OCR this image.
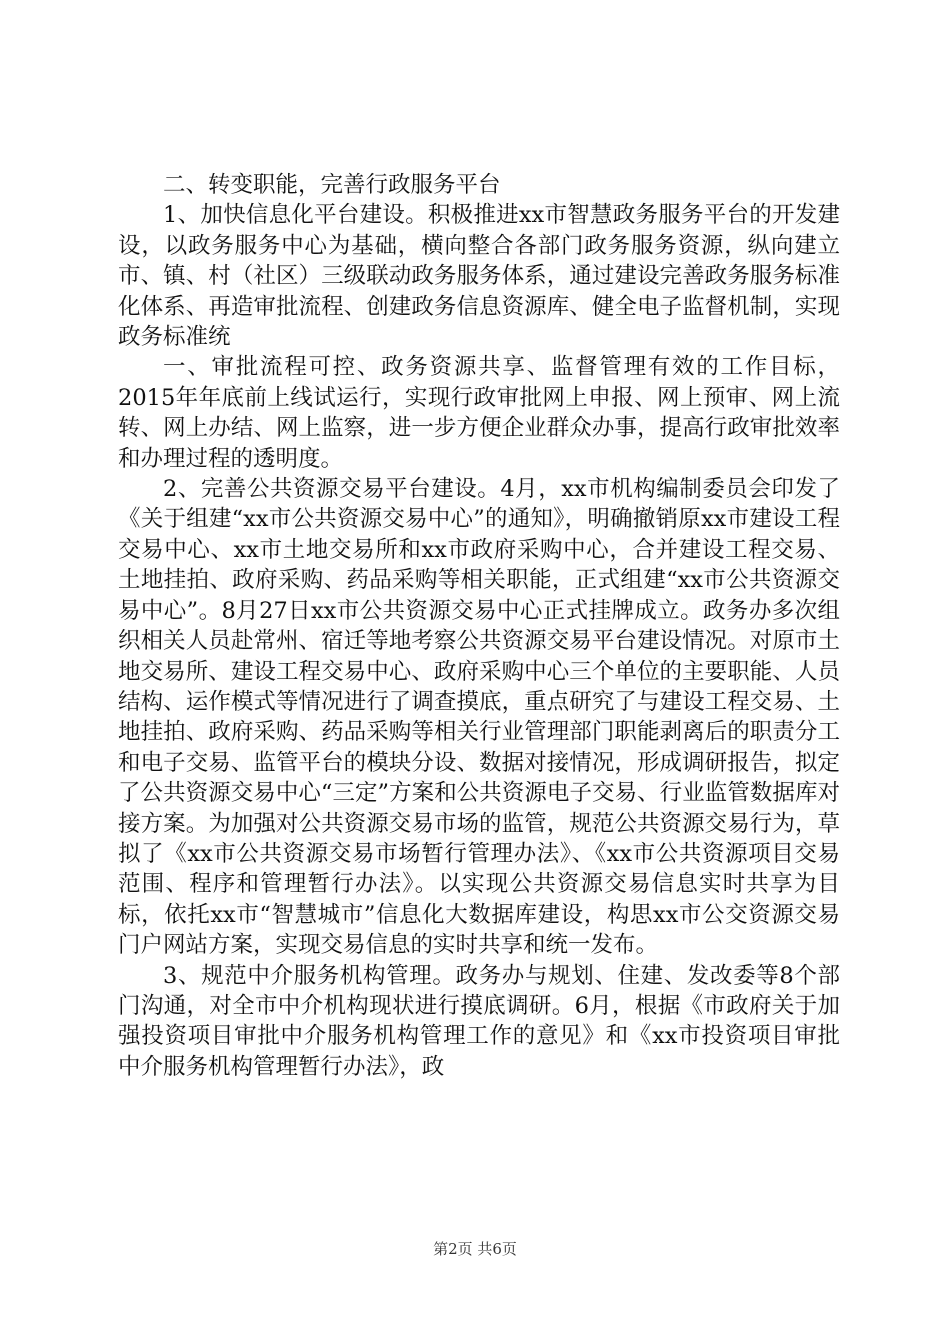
二、转变职能，完善行政服务平台

1、加快信息化平台建设。积极推进xx市智慧政务服务平台的开发建设，以政务服务中心为基础，横向整合各部门政务服务资源，纵向建立市、镇、村（社区）三级联动政务服务体系，通过建设完善政务服务标准化体系、再造审批流程、创建政务信息资源库、健全电子监督机制，实现政务标准统

一、审批流程可控、政务资源共享、监督管理有效的工作目标，2015年年底前上线试运行，实现行政审批网上申报、网上预审、网上流转、网上办结、网上监察，进一步方便企业群众办事，提高行政审批效率和办理过程的透明度。

2、完善公共资源交易平台建设。4月，xx市机构编制委员会印发了《关于组建“xx市公共资源交易中心”的通知》，明确撤销原xx市建设工程交易中心、xx市土地交易所和xx市政府采购中心，合并建设工程交易、土地挂拍、政府采购、药品采购等相关职能，正式组建“xx市公共资源交易中心”。8月27日xx市公共资源交易中心正式挂牌成立。政务办多次组织相关人员赴常州、宿迁等地考察公共资源交易平台建设情况。对原市土地交易所、建设工程交易中心、政府采购中心三个单位的主要职能、人员结构、运作模式等情况进行了调查摸底，重点研究了与建设工程交易、土地挂拍、政府采购、药品采购等相关行业管理部门职能剥离后的职责分工和电子交易、监管平台的模块分设、数据对接情况，形成调研报告，拟定了公共资源交易中心“三定”方案和公共资源电子交易、行业监管数据库对接方案。为加强对公共资源交易市场的监管，规范公共资源交易行为，草拟了《xx市公共资源交易市场暂行管理办法》、《xx市公共资源项目交易范围、程序和管理暂行办法》。以实现公共资源交易信息实时共享为目标，依托xx市“智慧城市”信息化大数据库建设，构思xx市公交资源交易门户网站方案，实现交易信息的实时共享和统一发布。

3、规范中介服务机构管理。政务办与规划、住建、发改委等8个部门沟通，对全市中介机构现状进行摸底调研。6月，根据《市政府关于加强投资项目审批中介服务机构管理工作的意见》和《xx市投资项目审批中介服务机构管理暂行办法》，政

第2页 共6页
